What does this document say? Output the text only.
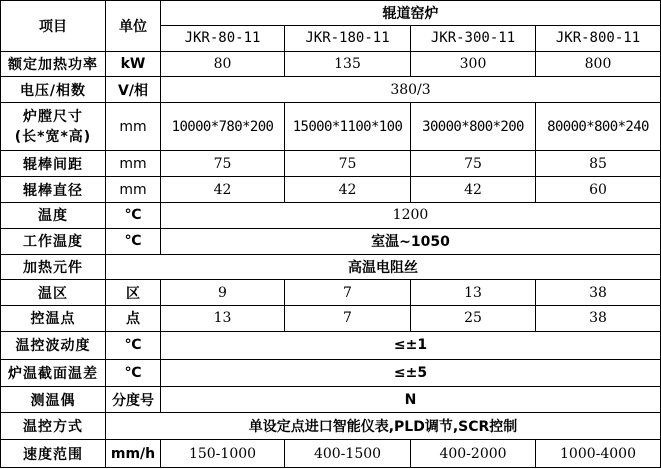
项目	单位	辊道窑炉			
		JKR-80-11	JKR-180-11	JKR-300-11	JKR-800-11
额定加热功率	kW	80	135	300	800
电压/相数	V/相	380/3			

炉膛尺寸
(长*宽*高)	mm	10000*780*200	15000*1100*100	30000*800*200	80000*800*240
辊棒间距	mm	75	75	75	85
辊棒直径	mm	42	42	42	60
温度	℃	1200			
工作温度	℃	室温~1050			
加热元件	高温电阻丝				
温区	区	9	7	13	38
控温点	点	13	7	25	38
温控波动度	℃	≤±1			
炉温截面温差	℃	≤±5			
测温偶	分度号	N			
温控方式	单设定点进口智能仪表,PLD调节,SCR控制				
速度范围	mm/h	150-1000	400-1500	400-2000	1000-4000
